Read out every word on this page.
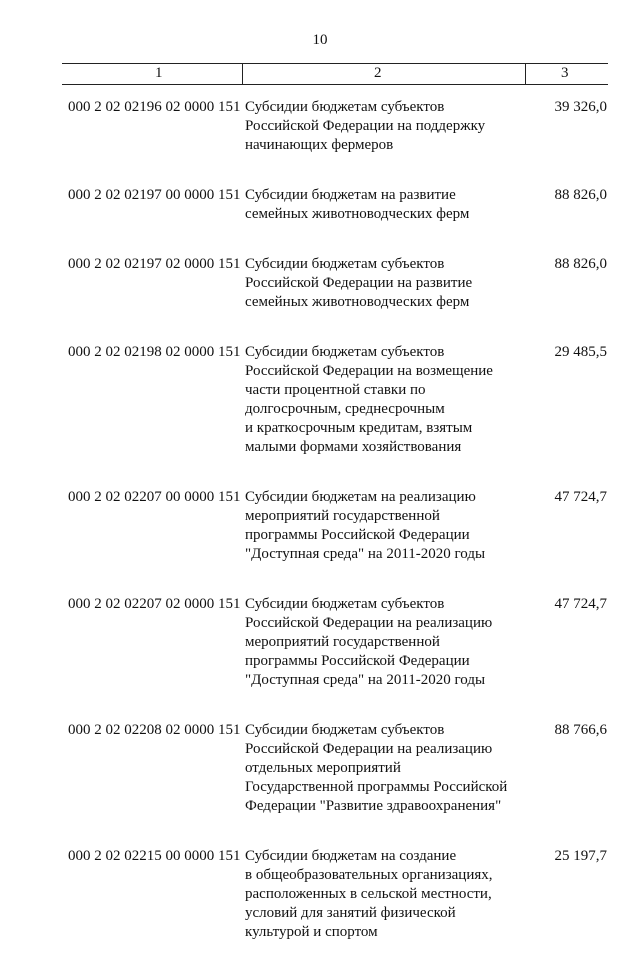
10
1	2	3
000 2 02 02196 02 0000 151 Субсидии бюджетам субъектов
Российской Федерации на поддержку
начинающих фермеров
39 326,0
000 2 02 02197 00 0000 151 Субсидии бюджетам на развитие
семейных животноводческих ферм
88 826,0
000 2 02 02197 02 0000 151 Субсидии бюджетам субъектов
Российской Федерации на развитие
семейных животноводческих ферм
88 826,0
000 2 02 02198 02 0000 151 Субсидии бюджетам субъектов
Российской Федерации на возмещение
части процентной ставки по
долгосрочным, среднесрочным
и краткосрочным кредитам, взятым
малыми формами хозяйствования
29 485,5
000 2 02 02207 00 0000 151 Субсидии бюджетам на реализацию
мероприятий государственной
программы Российской Федерации
"Доступная среда" на 2011-2020 годы
47 724,7
000 2 02 02207 02 0000 151 Субсидии бюджетам субъектов
Российской Федерации на реализацию
мероприятий государственной
программы Российской Федерации
"Доступная среда" на 2011-2020 годы
47 724,7
000 2 02 02208 02 0000 151 Субсидии бюджетам субъектов
Российской Федерации на реализацию
отдельных мероприятий
Государственной программы Российской
Федерации "Развитие здравоохранения"
88 766,6
000 2 02 02215 00 0000 151 Субсидии бюджетам на создание
в общеобразовательных организациях,
расположенных в сельской местности,
условий для занятий физической
культурой и спортом
25 197,7
